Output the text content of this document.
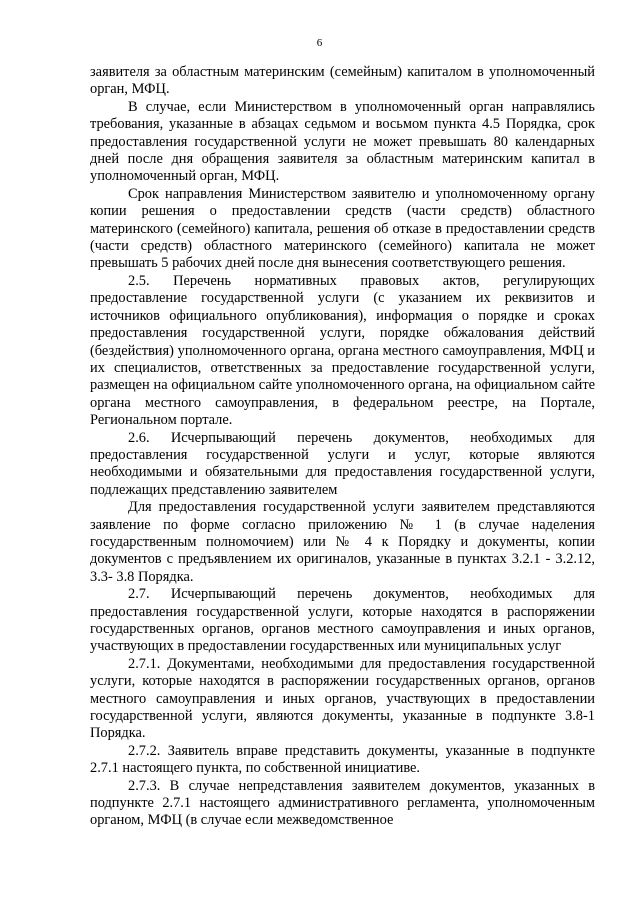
6

заявителя за областным материнским (семейным) капиталом в уполномоченный орган, МФЦ.

В случае, если Министерством в уполномоченный орган направлялись требования, указанные в абзацах седьмом и восьмом пункта 4.5 Порядка, срок предоставления государственной услуги не может превышать 80 календарных дней после дня обращения заявителя за областным материнским капитал в уполномоченный орган, МФЦ.

Срок направления Министерством заявителю и уполномоченному органу копии решения о предоставлении средств (части средств) областного материнского (семейного) капитала, решения об отказе в предоставлении средств (части средств) областного материнского (семейного) капитала не может превышать 5 рабочих дней после дня вынесения соответствующего решения.

2.5. Перечень нормативных правовых актов, регулирующих предоставление государственной услуги (с указанием их реквизитов и источников официального опубликования), информация о порядке и сроках предоставления государственной услуги, порядке обжалования действий (бездействия) уполномоченного органа, органа местного самоуправления, МФЦ и их специалистов, ответственных за предоставление государственной услуги, размещен на официальном сайте уполномоченного органа, на официальном сайте органа местного самоуправления, в федеральном реестре, на Портале, Региональном портале.

2.6. Исчерпывающий перечень документов, необходимых для предоставления государственной услуги и услуг, которые являются необходимыми и обязательными для предоставления государственной услуги, подлежащих представлению заявителем

Для предоставления государственной услуги заявителем представляются заявление по форме согласно приложению № 1 (в случае наделения государственным полномочием) или № 4 к Порядку и документы, копии документов с предъявлением их оригиналов, указанные в пунктах 3.2.1 - 3.2.12, 3.3- 3.8 Порядка.

2.7. Исчерпывающий перечень документов, необходимых для предоставления государственной услуги, которые находятся в распоряжении государственных органов, органов местного самоуправления и иных органов, участвующих в предоставлении государственных или муниципальных услуг

2.7.1. Документами, необходимыми для предоставления государственной услуги, которые находятся в распоряжении государственных органов, органов местного самоуправления и иных органов, участвующих в предоставлении государственной услуги, являются документы, указанные в подпункте 3.8-1 Порядка.

2.7.2. Заявитель вправе представить документы, указанные в подпункте 2.7.1 настоящего пункта, по собственной инициативе.

2.7.3. В случае непредставления заявителем документов, указанных в подпункте 2.7.1 настоящего административного регламента, уполномоченным органом, МФЦ (в случае если межведомственное
